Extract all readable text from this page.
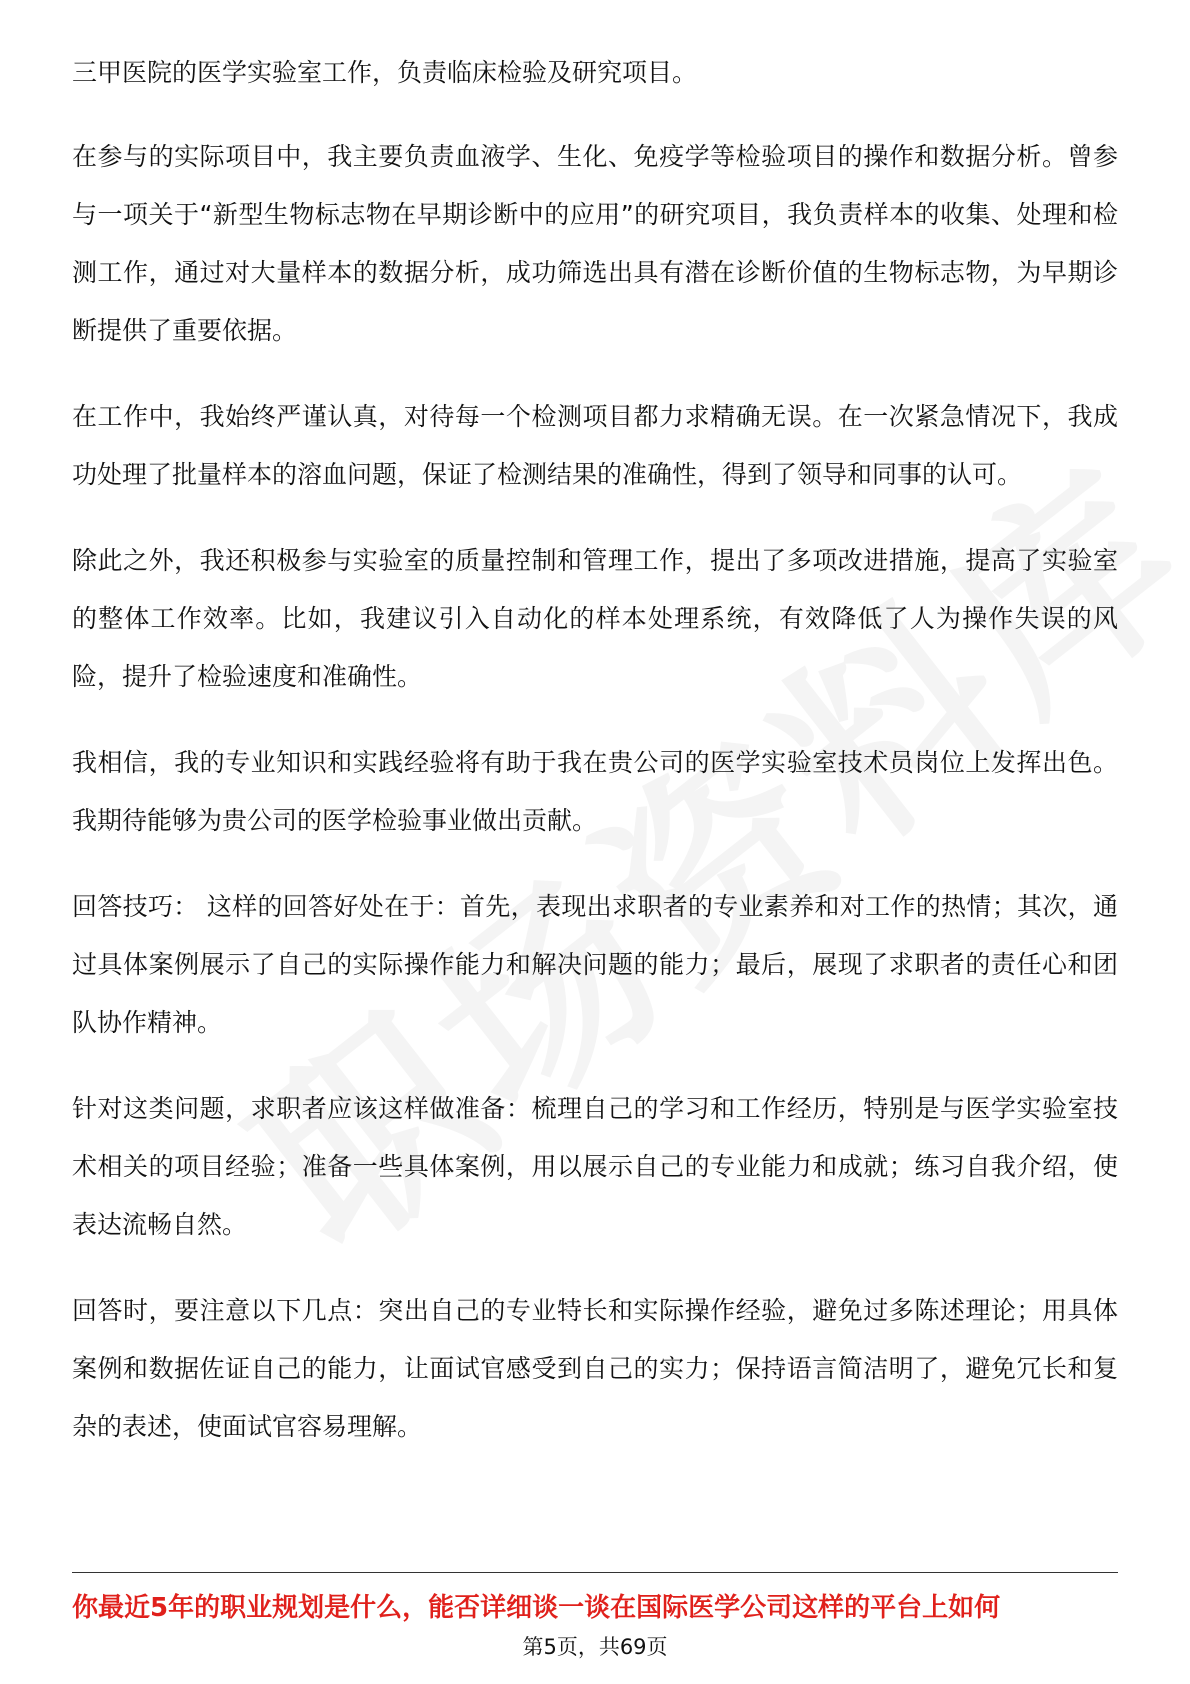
三甲医院的医学实验室工作，负责临床检验及研究项目。

在参与的实际项目中，我主要负责血液学、生化、免疫学等检验项目的操作和数据分析。曾参与一项关于“新型生物标志物在早期诊断中的应用”的研究项目，我负责样本的收集、处理和检测工作，通过对大量样本的数据分析，成功筛选出具有潜在诊断价值的生物标志物，为早期诊断提供了重要依据。

在工作中，我始终严谨认真，对待每一个检测项目都力求精确无误。在一次紧急情况下，我成功处理了批量样本的溶血问题，保证了检测结果的准确性，得到了领导和同事的认可。

除此之外，我还积极参与实验室的质量控制和管理工作，提出了多项改进措施，提高了实验室的整体工作效率。比如，我建议引入自动化的样本处理系统，有效降低了人为操作失误的风险，提升了检验速度和准确性。

我相信，我的专业知识和实践经验将有助于我在贵公司的医学实验室技术员岗位上发挥出色。我期待能够为贵公司的医学检验事业做出贡献。

回答技巧： 这样的回答好处在于：首先，表现出求职者的专业素养和对工作的热情；其次，通过具体案例展示了自己的实际操作能力和解决问题的能力；最后，展现了求职者的责任心和团队协作精神。

针对这类问题，求职者应该这样做准备：梳理自己的学习和工作经历，特别是与医学实验室技术相关的项目经验；准备一些具体案例，用以展示自己的专业能力和成就；练习自我介绍，使表达流畅自然。

回答时，要注意以下几点：突出自己的专业特长和实际操作经验，避免过多陈述理论；用具体案例和数据佐证自己的能力，让面试官感受到自己的实力；保持语言简洁明了，避免冗长和复杂的表述，使面试官容易理解。

你最近5年的职业规划是什么，能否详细谈一谈在国际医学公司这样的平台上如何
第5页，共69页
